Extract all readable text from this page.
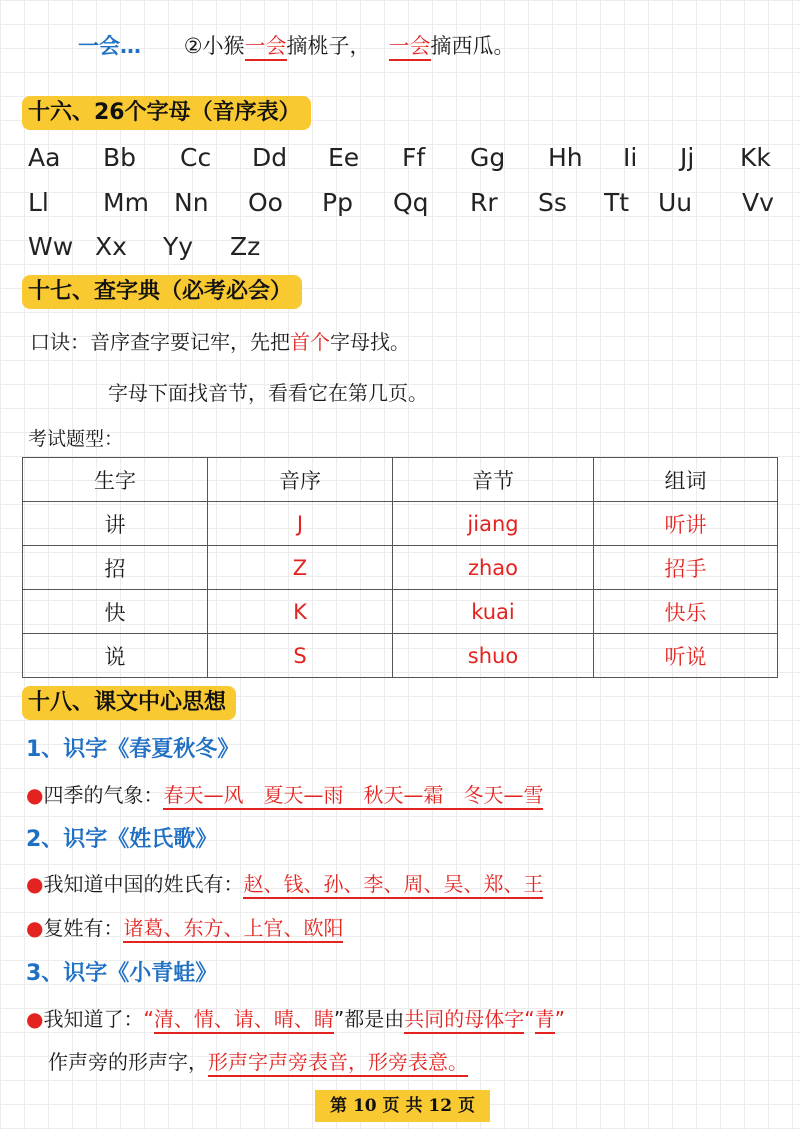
一会… ②小猴一会摘桃子， 一会摘西瓜。
十六、26个字母（音序表）
Aa Bb Cc Dd Ee Ff Gg Hh Ii Jj Kk
Ll Mm Nn Oo Pp Qq Rr Ss Tt Uu Vv
Ww Xx Yy Zz
十七、查字典（必考必会）
口诀：音序查字要记牢，先把首个字母找。
字母下面找音节，看看它在第几页。
考试题型：
生字	音序	音节	组词
讲	J	jiang	听讲
招	Z	zhao	招手
快	K	kuai	快乐
说	S	shuo	听说
十八、课文中心思想
1、识字《春夏秋冬》
●四季的气象：春天—风　夏天—雨　秋天—霜　冬天—雪
2、识字《姓氏歌》
●我知道中国的姓氏有：赵、钱、孙、李、周、吴、郑、王
●复姓有：诸葛、东方、上官、欧阳
3、识字《小青蛙》
●我知道了：“清、情、请、晴、睛”都是由共同的母体字“青”
作声旁的形声字，形声字声旁表音，形旁表意。
第 10 页 共 12 页
